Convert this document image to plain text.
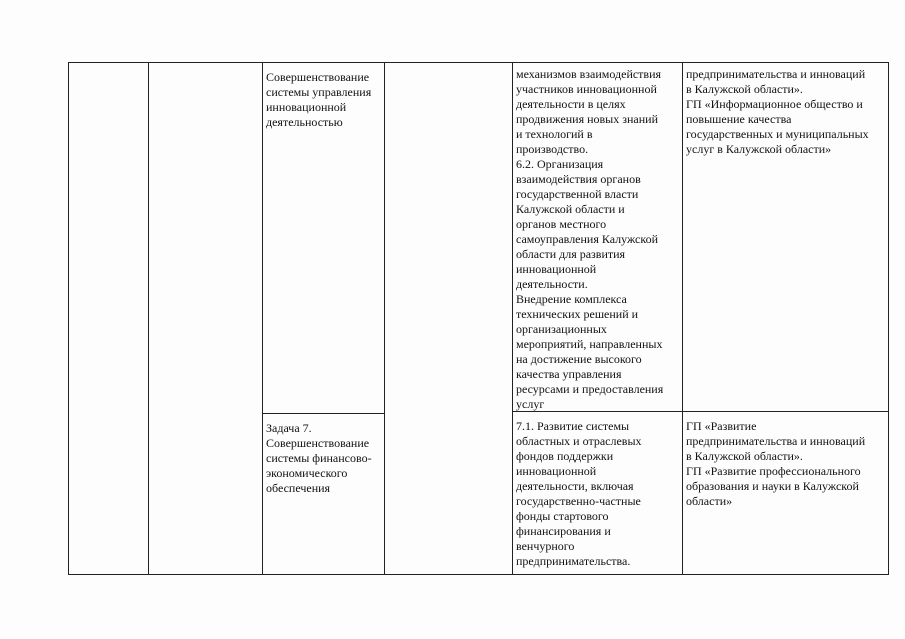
Совершенствование
системы управления
инновационной
деятельностью
механизмов взаимодействия
участников инновационной
деятельности в целях
продвижения новых знаний
и технологий в
производство.
6.2. Организация
взаимодействия органов
государственной власти
Калужской области и
органов местного
самоуправления Калужской
области для развития
инновационной
деятельности.
Внедрение комплекса
технических решений и
организационных
мероприятий, направленных
на достижение высокого
качества управления
ресурсами и предоставления
услуг
предпринимательства и инноваций
в Калужской области».
ГП «Информационное общество и
повышение качества
государственных и муниципальных
услуг в Калужской области»
Задача 7.
Совершенствование
системы финансово-
экономического
обеспечения
7.1. Развитие системы
областных и отраслевых
фондов поддержки
инновационной
деятельности, включая
государственно-частные
фонды стартового
финансирования и
венчурного
предпринимательства.
ГП «Развитие
предпринимательства и инноваций
в Калужской области».
ГП «Развитие профессионального
образования и науки в Калужской
области»
